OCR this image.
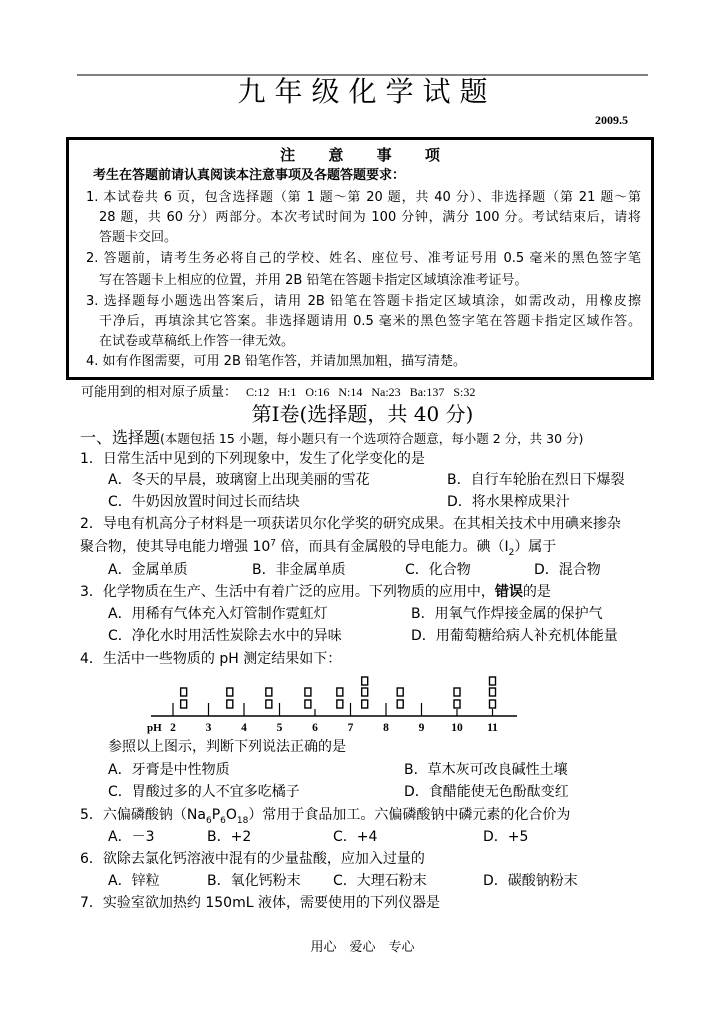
九年级化学试题
2009.5
注 意 事 项
考生在答题前请认真阅读本注意事项及各题答题要求：
1. 本试卷共 6 页，包含选择题（第 1 题～第 20 题，共 40 分）、非选择题（第 21 题～第
28 题，共 60 分）两部分。本次考试时间为 100 分钟，满分 100 分。考试结束后，请将
答题卡交回。
2. 答题前，请考生务必将自己的学校、姓名、座位号、准考证号用 0.5 毫米的黑色签字笔
写在答题卡上相应的位置，并用 2B 铅笔在答题卡指定区域填涂准考证号。
3. 选择题每小题选出答案后，请用 2B 铅笔在答题卡指定区域填涂，如需改动，用橡皮擦
干净后，再填涂其它答案。非选择题请用 0.5 毫米的黑色签字笔在答题卡指定区域作答。
在试卷或草稿纸上作答一律无效。
4. 如有作图需要，可用 2B 铅笔作答，并请加黑加粗，描写清楚。
可能用到的相对原子质量： C:12 H:1 O:16 N:14 Na:23 Ba:137 S:32
第I卷(选择题，共 40 分)
一、选择题(本题包括 15 小题，每小题只有一个选项符合题意，每小题 2 分，共 30 分)
1．日常生活中见到的下列现象中，发生了化学变化的是
A．冬天的早晨，玻璃窗上出现美丽的雪花	B．自行车轮胎在烈日下爆裂
C．牛奶因放置时间过长而结块	D．将水果榨成果汁
2．导电有机高分子材料是一项获诺贝尔化学奖的研究成果。在其相关技术中用碘来掺杂
聚合物，使其导电能力增强 $10^7$ 倍，而具有金属般的导电能力。碘$(I_2)$属于
A．金属单质	B．非金属单质	C．化合物	D．混合物
3．化学物质在生产、生活中有着广泛的应用。下列物质的应用中，错误的是
A．用稀有气体充入灯管制作霓虹灯	B．用氧气作焊接金属的保护气
C．净化水时用活性炭除去水中的异味	D．用葡萄糖给病人补充机体能量
4．生活中一些物质的 pH 测定结果如下：
pH 2	3	4	5	6	7	8	9 10 11
参照以上图示，判断下列说法正确的是
A．牙膏是中性物质	B．草木灰可改良碱性土壤
C．胃酸过多的人不宜多吃橘子	D．食醋能使无色酚酞变红
5．六偏磷酸钠$(Na_6P_6O_{18})$常用于食品加工。六偏磷酸钠中磷元素的化合价为
A．－3	B．+2	C．+4	D．+5
6．欲除去氯化钙溶液中混有的少量盐酸，应加入过量的
A．锌粒	B．氧化钙粉末 C．大理石粉末	D．碳酸钠粉末
7．实验室欲加热约 150mL 液体，需要使用的下列仪器是
用心　爱心　专心
